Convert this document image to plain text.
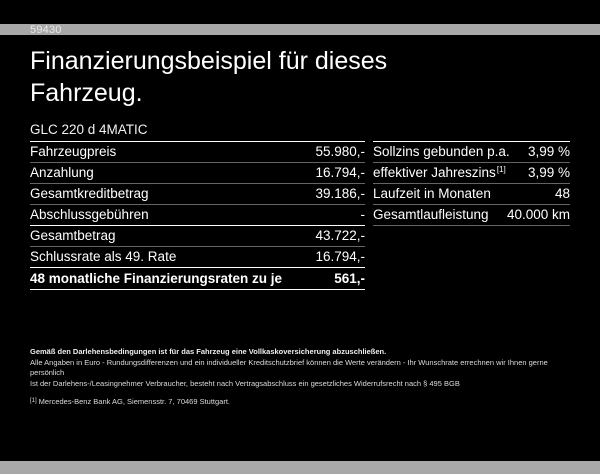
59430
Finanzierungsbeispiel für dieses Fahrzeug.
GLC 220 d 4MATIC
Fahrzeugpreis	55.980,-
Anzahlung	16.794,-
Gesamtkreditbetrag	39.186,-
Abschlussgebühren	-
Gesamtbetrag	43.722,-
Schlussrate als 49. Rate	16.794,-
48 monatliche Finanzierungsraten zu je	561,-
Sollzins gebunden p.a. 3,99 %
effektiver Jahreszins[1] 3,99 %
Laufzeit in Monaten	48
Gesamtlaufleistung 40.000 km
Gemäß den Darlehensbedingungen ist für das Fahrzeug eine Vollkaskoversicherung abzuschließen.
Alle Angaben in Euro - Rundungsdifferenzen und ein individueller Kreditschutzbrief können die Werte verändern - Ihr Wunschrate errechnen wir Ihnen gerne persönlich
Ist der Darlehens-/Leasingnehmer Verbraucher, besteht nach Vertragsabschluss ein gesetzliches Widerrufsrecht nach § 495 BGB
[1] Mercedes-Benz Bank AG, Siemensstr. 7, 70469 Stuttgart.
